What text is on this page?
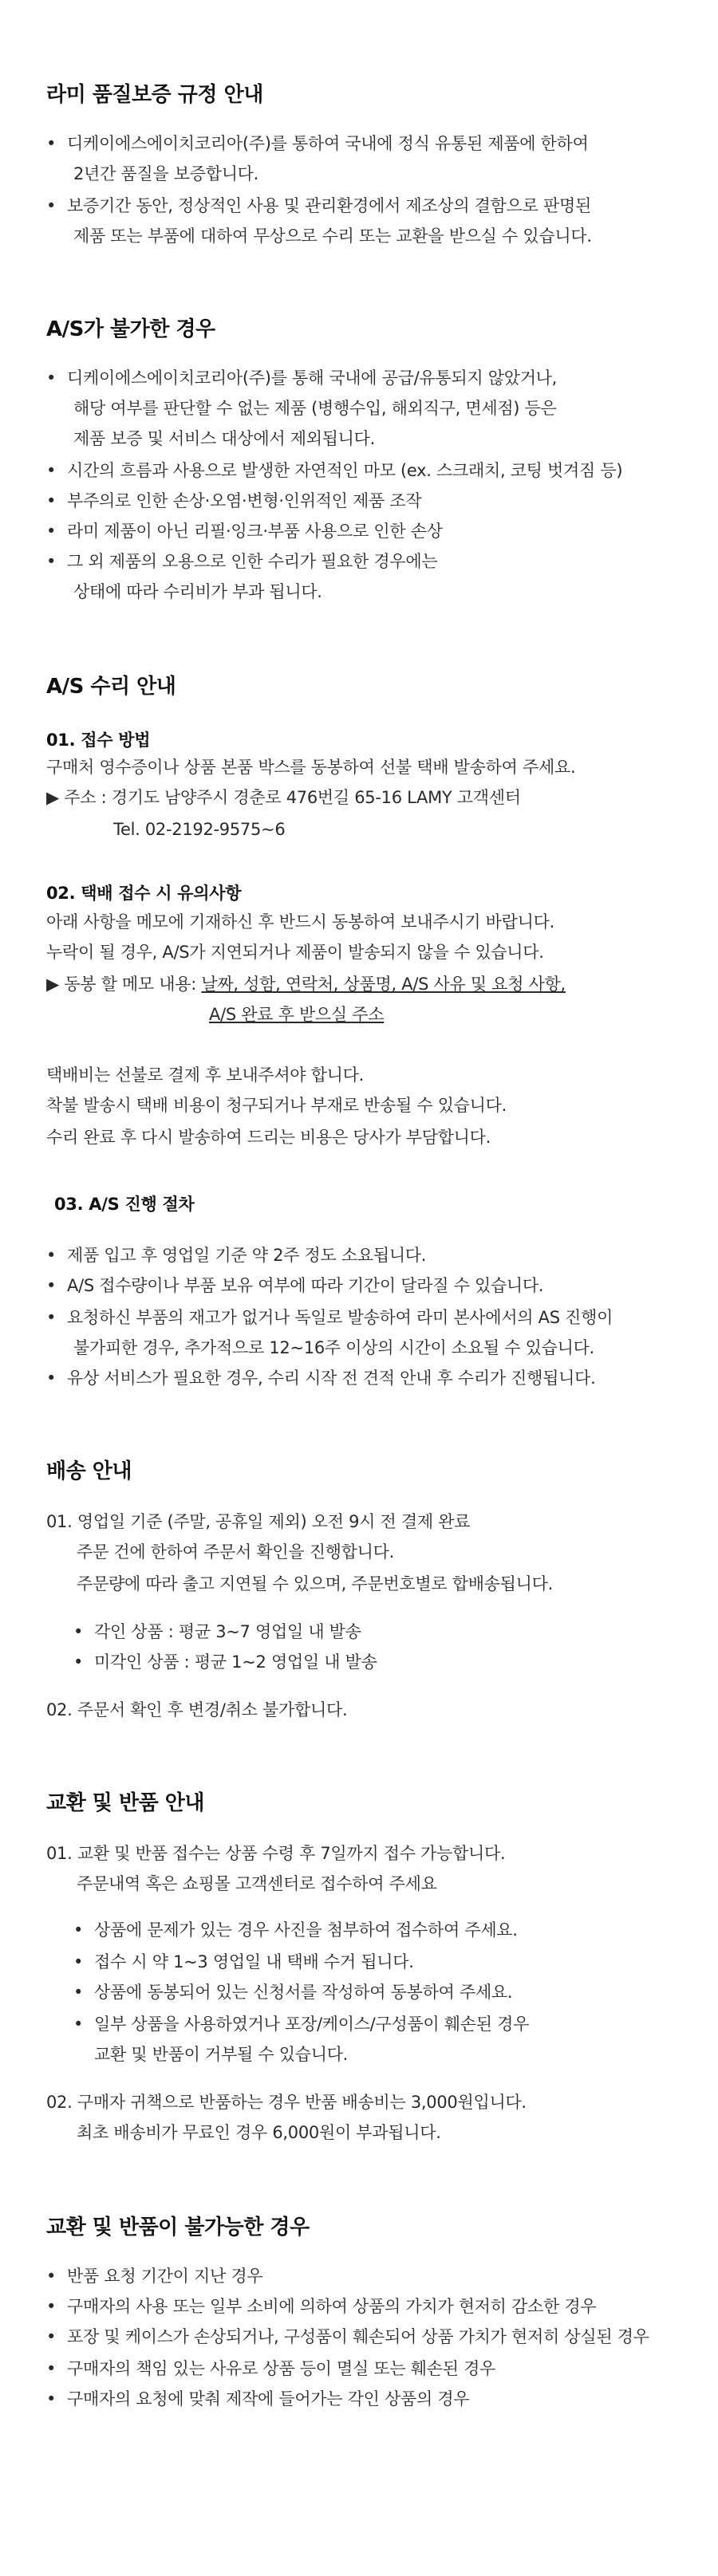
라미 품질보증 규정 안내
• 디케이에스에이치코리아(주)를 통하여 국내에 정식 유통된 제품에 한하여
2년간 품질을 보증합니다.
• 보증기간 동안, 정상적인 사용 및 관리환경에서 제조상의 결함으로 판명된
제품 또는 부품에 대하여 무상으로 수리 또는 교환을 받으실 수 있습니다.
A/S가 불가한 경우
• 디케이에스에이치코리아(주)를 통해 국내에 공급/유통되지 않았거나,
해당 여부를 판단할 수 없는 제품 (병행수입, 해외직구, 면세점) 등은
제품 보증 및 서비스 대상에서 제외됩니다.
• 시간의 흐름과 사용으로 발생한 자연적인 마모 (ex. 스크래치, 코팅 벗겨짐 등)
• 부주의로 인한 손상·오염·변형·인위적인 제품 조작
• 라미 제품이 아닌 리필·잉크·부품 사용으로 인한 손상
• 그 외 제품의 오용으로 인한 수리가 필요한 경우에는
상태에 따라 수리비가 부과 됩니다.
A/S 수리 안내
01. 접수 방법
구매처 영수증이나 상품 본품 박스를 동봉하여 선불 택배 발송하여 주세요.
▶ 주소 : 경기도 남양주시 경춘로 476번길 65-16 LAMY 고객센터
Tel. 02-2192-9575~6
02. 택배 접수 시 유의사항
아래 사항을 메모에 기재하신 후 반드시 동봉하여 보내주시기 바랍니다.
누락이 될 경우, A/S가 지연되거나 제품이 발송되지 않을 수 있습니다.
▶ 동봉 할 메모 내용: 날짜, 성함, 연락처, 상품명, A/S 사유 및 요청 사항,
A/S 완료 후 받으실 주소
택배비는 선불로 결제 후 보내주셔야 합니다.
착불 발송시 택배 비용이 청구되거나 부재로 반송될 수 있습니다.
수리 완료 후 다시 발송하여 드리는 비용은 당사가 부담합니다.
03. A/S 진행 절차
• 제품 입고 후 영업일 기준 약 2주 정도 소요됩니다.
• A/S 접수량이나 부품 보유 여부에 따라 기간이 달라질 수 있습니다.
• 요청하신 부품의 재고가 없거나 독일로 발송하여 라미 본사에서의 AS 진행이
불가피한 경우, 추가적으로 12~16주 이상의 시간이 소요될 수 있습니다.
• 유상 서비스가 필요한 경우, 수리 시작 전 견적 안내 후 수리가 진행됩니다.
배송 안내
01. 영업일 기준 (주말, 공휴일 제외) 오전 9시 전 결제 완료
주문 건에 한하여 주문서 확인을 진행합니다.
주문량에 따라 출고 지연될 수 있으며, 주문번호별로 합배송됩니다.
• 각인 상품 : 평균 3~7 영업일 내 발송
• 미각인 상품 : 평균 1~2 영업일 내 발송
02. 주문서 확인 후 변경/취소 불가합니다.
교환 및 반품 안내
01. 교환 및 반품 접수는 상품 수령 후 7일까지 접수 가능합니다.
주문내역 혹은 쇼핑몰 고객센터로 접수하여 주세요
• 상품에 문제가 있는 경우 사진을 첨부하여 접수하여 주세요.
• 접수 시 약 1~3 영업일 내 택배 수거 됩니다.
• 상품에 동봉되어 있는 신청서를 작성하여 동봉하여 주세요.
• 일부 상품을 사용하였거나 포장/케이스/구성품이 훼손된 경우
교환 및 반품이 거부될 수 있습니다.
02. 구매자 귀책으로 반품하는 경우 반품 배송비는 3,000원입니다.
최초 배송비가 무료인 경우 6,000원이 부과됩니다.
교환 및 반품이 불가능한 경우
• 반품 요청 기간이 지난 경우
• 구매자의 사용 또는 일부 소비에 의하여 상품의 가치가 현저히 감소한 경우
• 포장 및 케이스가 손상되거나, 구성품이 훼손되어 상품 가치가 현저히 상실된 경우
• 구매자의 책임 있는 사유로 상품 등이 멸실 또는 훼손된 경우
• 구매자의 요청에 맞춰 제작에 들어가는 각인 상품의 경우
